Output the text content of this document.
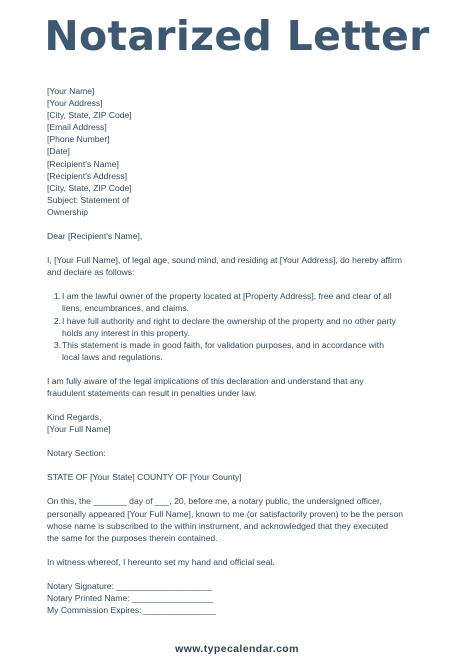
Notarized Letter
[Your Name]
[Your Address]
[City, State, ZIP Code]
[Email Address]
[Phone Number]
[Date]
[Recipient's Name]
[Recipient's Address]
[City, State, ZIP Code]
Subject: Statement of
Ownership
Dear [Recipient's Name],
I, [Your Full Name], of legal age, sound mind, and residing at [Your Address], do hereby affirm
and declare as follows:
1. I am the lawful owner of the property located at [Property Address], free and clear of all
liens, encumbrances, and claims.
2. I have full authority and right to declare the ownership of the property and no other party
holds any interest in this property.
3. This statement is made in good faith, for validation purposes, and in accordance with
local laws and regulations.
I am fully aware of the legal implications of this declaration and understand that any
fraudulent statements can result in penalties under law.
Kind Regards,
[Your Full Name]
Notary Section:
STATE OF [Your State] COUNTY OF [Your County]
On this, the _______ day of ___, 20, before me, a notary public, the undersigned officer,
personally appeared [Your Full Name], known to me (or satisfactorily proven) to be the person
whose name is subscribed to the within instrument, and acknowledged that they executed
the same for the purposes therein contained.
In witness whereof, I hereunto set my hand and official seal.
Notary Signature: ____________________
Notary Printed Name: _________________
My Commission Expires: _______________
www.typecalendar.com
